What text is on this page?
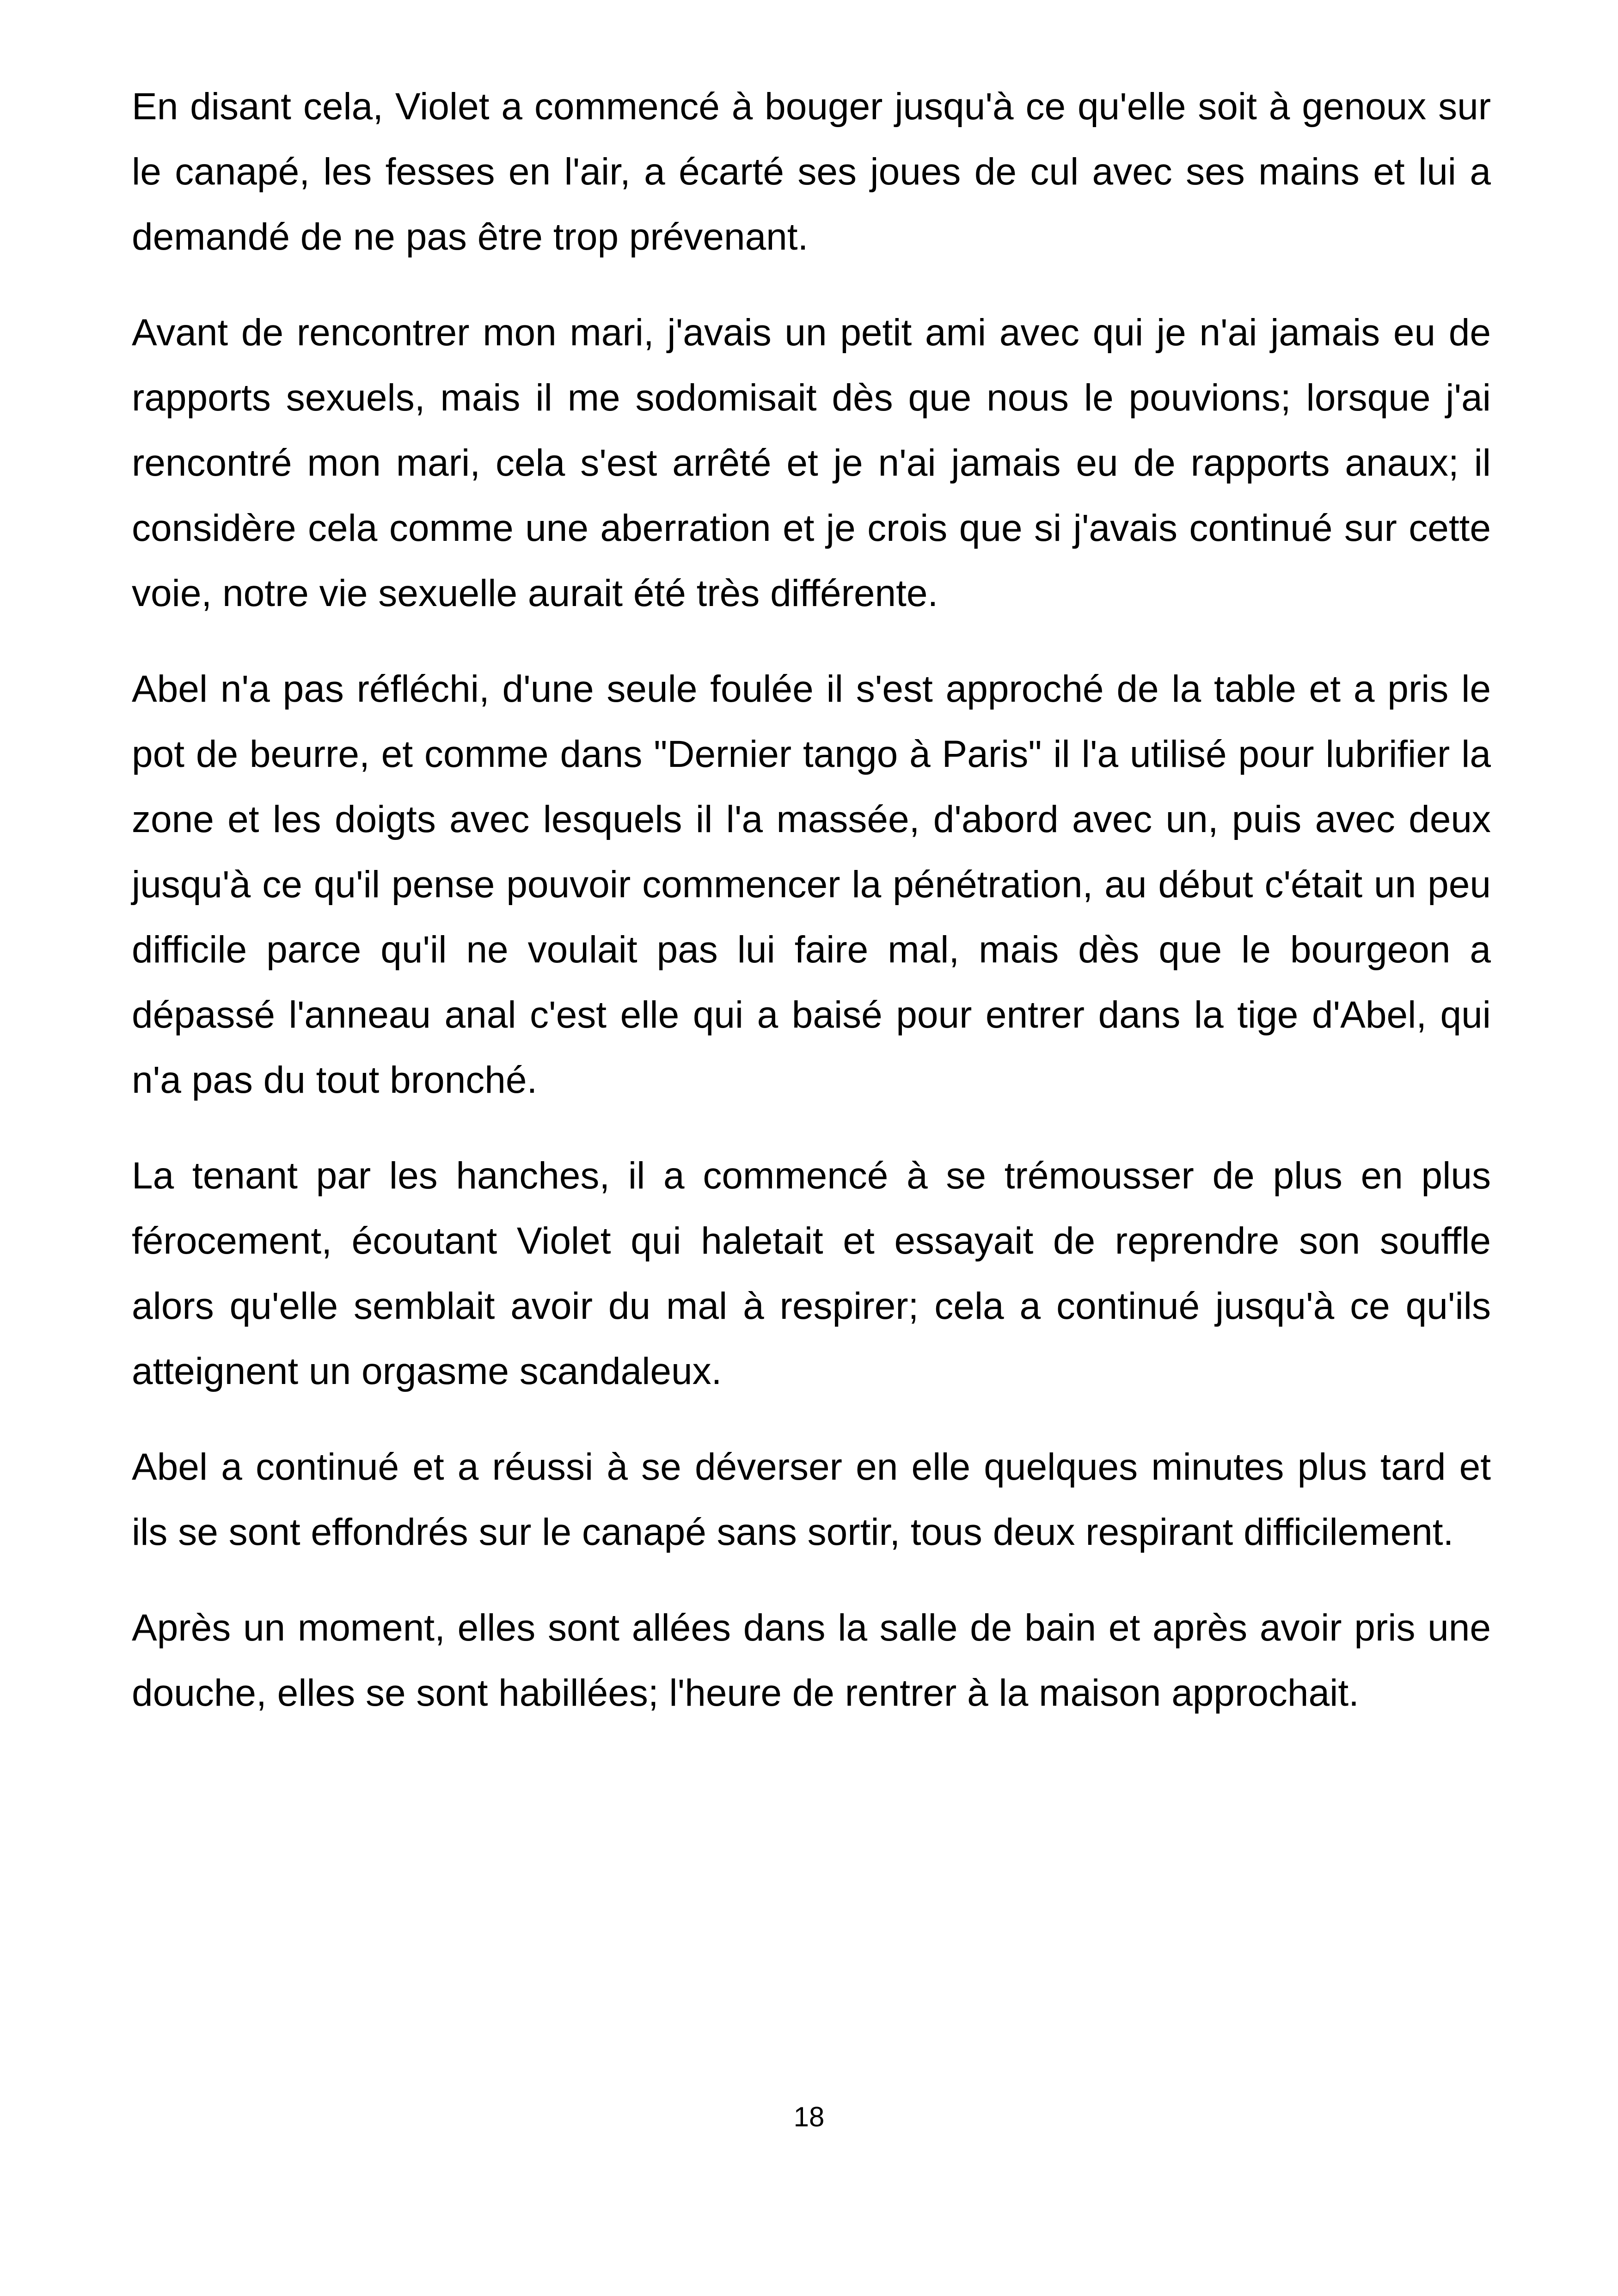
En disant cela, Violet a commencé à bouger jusqu'à ce qu'elle soit à genoux sur le canapé, les fesses en l'air, a écarté ses joues de cul avec ses mains et lui a demandé de ne pas être trop prévenant.

Avant de rencontrer mon mari, j'avais un petit ami avec qui je n'ai jamais eu de rapports sexuels, mais il me sodomisait dès que nous le pouvions; lorsque j'ai rencontré mon mari, cela s'est arrêté et je n'ai jamais eu de rapports anaux; il considère cela comme une aberration et je crois que si j'avais continué sur cette voie, notre vie sexuelle aurait été très différente.

Abel n'a pas réfléchi, d'une seule foulée il s'est approché de la table et a pris le pot de beurre, et comme dans "Dernier tango à Paris" il l'a utilisé pour lubrifier la zone et les doigts avec lesquels il l'a massée, d'abord avec un, puis avec deux jusqu'à ce qu'il pense pouvoir commencer la pénétration, au début c'était un peu difficile parce qu'il ne voulait pas lui faire mal, mais dès que le bourgeon a dépassé l'anneau anal c'est elle qui a baisé pour entrer dans la tige d'Abel, qui n'a pas du tout bronché.

La tenant par les hanches, il a commencé à se trémousser de plus en plus férocement, écoutant Violet qui haletait et essayait de reprendre son souffle alors qu'elle semblait avoir du mal à respirer; cela a continué jusqu'à ce qu'ils atteignent un orgasme scandaleux.

Abel a continué et a réussi à se déverser en elle quelques minutes plus tard et ils se sont effondrés sur le canapé sans sortir, tous deux respirant difficilement.

Après un moment, elles sont allées dans la salle de bain et après avoir pris une douche, elles se sont habillées; l'heure de rentrer à la maison approchait.

18
